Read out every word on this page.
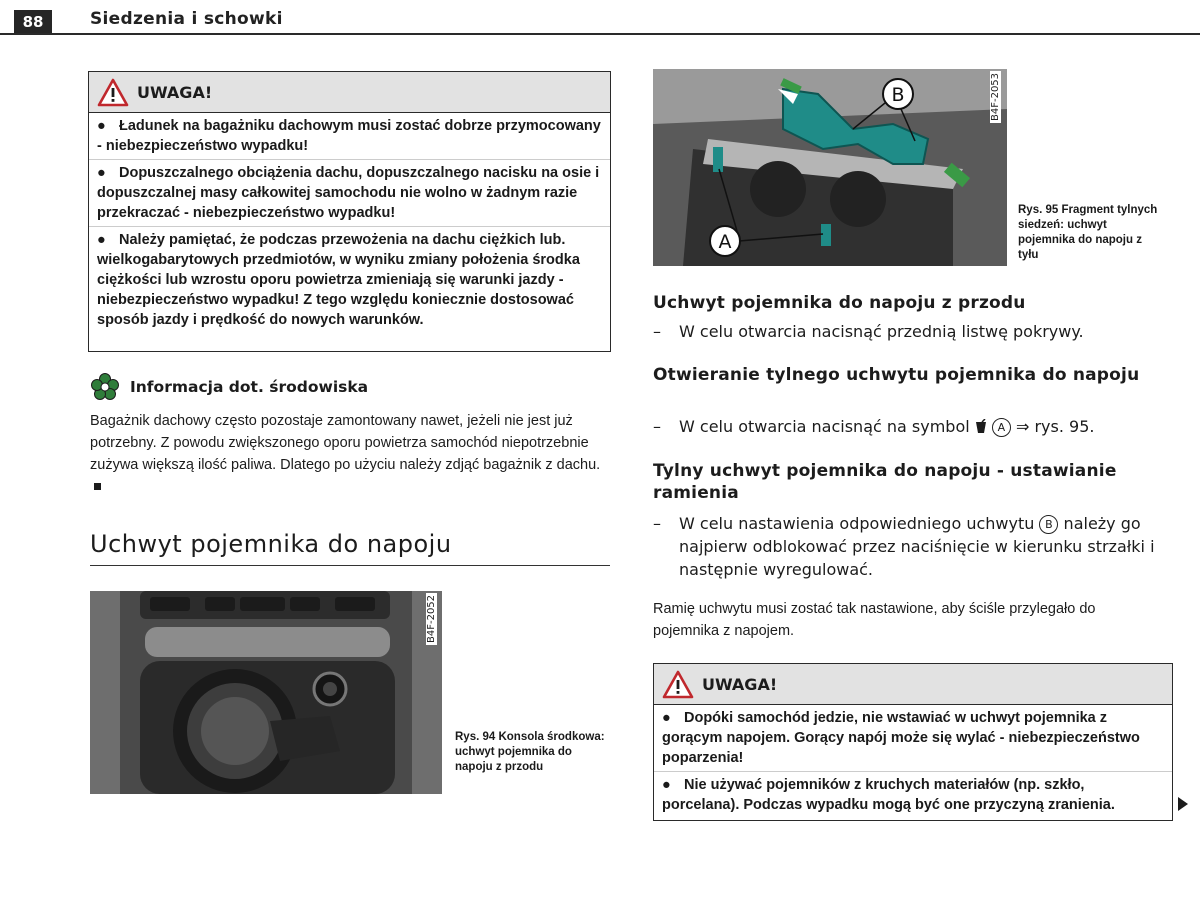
88	Siedzenia i schowki
UWAGA!
● Ładunek na bagażniku dachowym musi zostać dobrze przymocowany - niebezpieczeństwo wypadku!
● Dopuszczalnego obciążenia dachu, dopuszczalnego nacisku na osie i dopuszczalnej masy całkowitej samochodu nie wolno w żadnym razie przekraczać - niebezpieczeństwo wypadku!
● Należy pamiętać, że podczas przewożenia na dachu ciężkich lub. wielkogabarytowych przedmiotów, w wyniku zmiany położenia środka ciężkości lub wzrostu oporu powietrza zmieniają się warunki jazdy - niebezpieczeństwo wypadku! Z tego względu koniecznie dostosować sposób jazdy i prędkość do nowych warunków.
Informacja dot. środowiska
Bagażnik dachowy często pozostaje zamontowany nawet, jeżeli nie jest już potrzebny. Z powodu zwiększonego oporu powietrza samochód niepotrzebnie zużywa większą ilość paliwa. Dlatego po użyciu należy zdjąć bagażnik z dachu.
Uchwyt pojemnika do napoju
B4F-2052
Rys. 94 Konsola środkowa: uchwyt pojemnika do napoju z przodu
B
A
B4F-2053
Rys. 95 Fragment tylnych siedzeń: uchwyt pojemnika do napoju z tyłu
Uchwyt pojemnika do napoju z przodu
– W celu otwarcia nacisnąć przednią listwę pokrywy.
Otwieranie tylnego uchwytu pojemnika do napoju
– W celu otwarcia nacisnąć na symbol	A ⇒ rys. 95.
Tylny uchwyt pojemnika do napoju - ustawianie ramienia
– W celu nastawienia odpowiedniego uchwytu B należy go najpierw odblokować przez naciśnięcie w kierunku strzałki i następnie wyregulować.
Ramię uchwytu musi zostać tak nastawione, aby ściśle przylegało do pojemnika z napojem.
UWAGA!
● Dopóki samochód jedzie, nie wstawiać w uchwyt pojemnika z gorącym napojem. Gorący napój może się wylać - niebezpieczeństwo poparzenia!
● Nie używać pojemników z kruchych materiałów (np. szkło, porcelana). Podczas wypadku mogą być one przyczyną zranienia.
